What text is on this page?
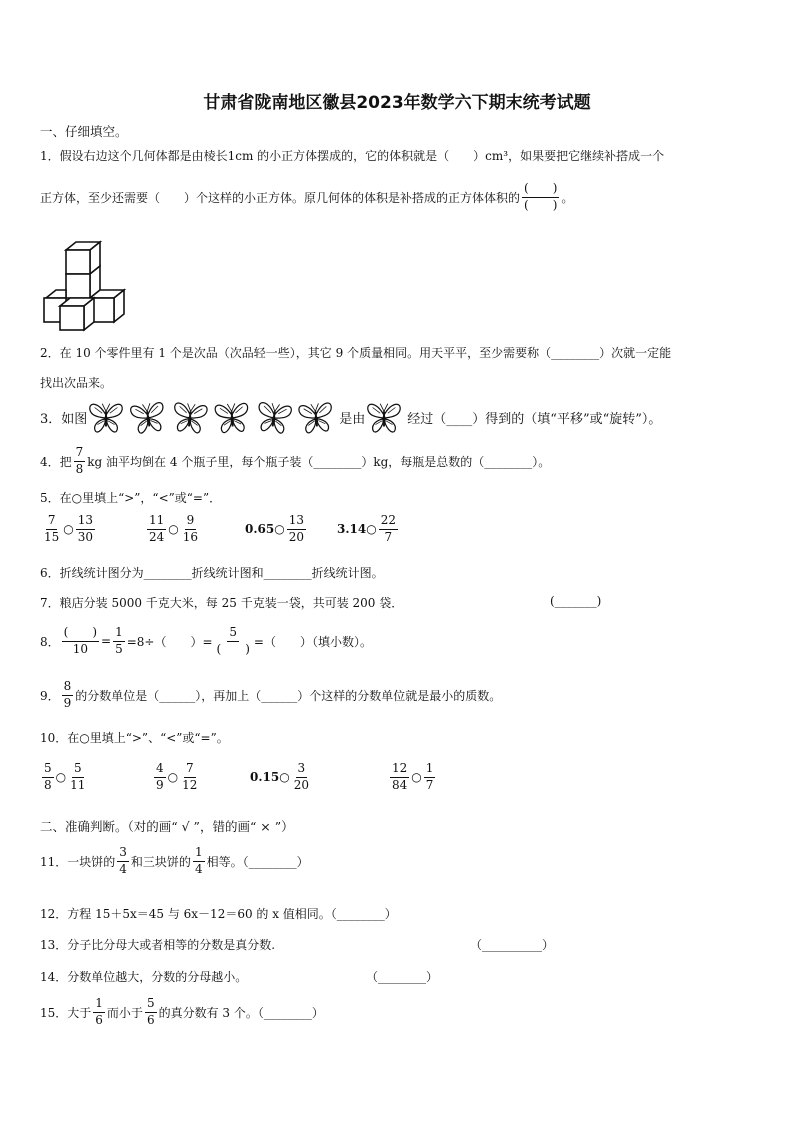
甘肃省陇南地区徽县2023年数学六下期末统考试题
一、仔细填空。
1．假设右边这个几何体都是由棱长1cm 的小正方体摆成的，它的体积就是（　　）cm³，如果要把它继续补搭成一个
正方体，至少还需要（　　）个这样的小正方体。原几何体的体积是补搭成的正方体体积的 $\frac{( )}{( )}$ 。
2．在 10 个零件里有 1 个是次品（次品轻一些），其它 9 个质量相同。用天平平，至少需要称（________）次就一定能
找出次品来。
3．如图	是由	经过（____）得到的（填“平移”或“旋转”）。
4．把 $\frac{7}{8}$ kg 油平均倒在 4 个瓶子里，每个瓶子装（________）kg，每瓶是总数的（________）。
5．在○里填上“>”，“<”或“=”．
$\frac{7}{15}$ ○ $\frac{13}{30}$	$\frac{11}{24}$ ○ $\frac{9}{16}$	0.65 ○ $\frac{13}{20}$	3.14 ○ $\frac{22}{7}$
6．折线统计图分为________折线统计图和________折线统计图。
7．粮店分装 5000 千克大米，每 25 千克装一袋，共可装 200 袋．	(_______)
8． $\frac{( )}{10} = \frac{1}{5} =8\div$（　　）= $\frac{5}{( )}$ =（　　）（填小数）。
9． $\frac{8}{9}$ 的分数单位是（______），再加上（______）个这样的分数单位就是最小的质数。
10．在○里填上“>”、“<”或“=”。
$\frac{5}{8}$ ○ $\frac{5}{11}$	$\frac{4}{9}$ ○ $\frac{7}{12}$	0.15 ○ $\frac{3}{20}$	$\frac{12}{84}$ ○ $\frac{1}{7}$
二、准确判断。（对的画“ √ ”，错的画“ × ”）
11．一块饼的 $\frac{3}{4}$ 和三块饼的 $\frac{1}{4}$ 相等。（________）
12．方程 15＋5x＝45 与 6x－12＝60 的 x 值相同。（________）
13．分子比分母大或者相等的分数是真分数.	（__________）
14．分数单位越大，分数的分母越小。	（________）
15．大于 $\frac{1}{6}$ 而小于 $\frac{5}{6}$ 的真分数有 3 个。（________）
